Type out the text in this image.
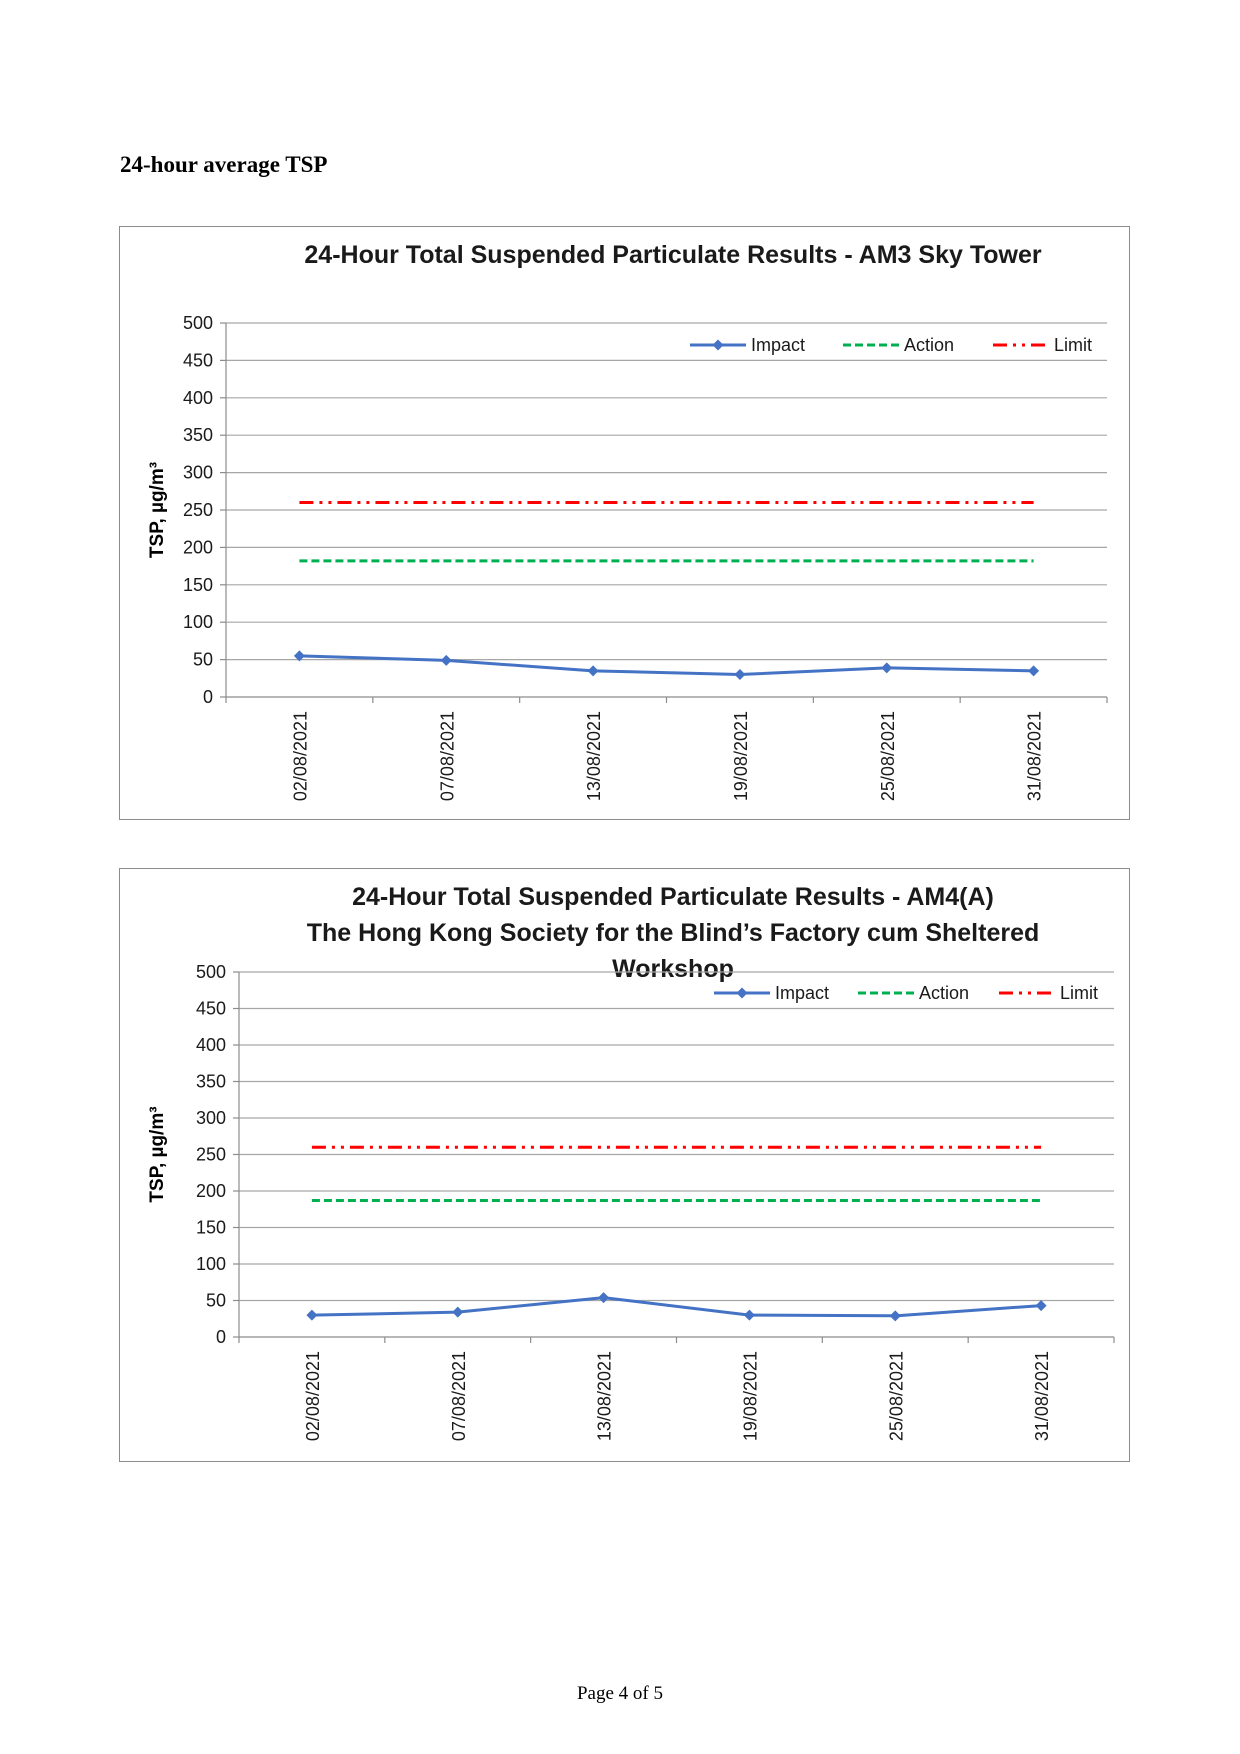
24-hour average TSP
24-Hour Total Suspended Particulate Results - AM3 Sky Tower
0
50
100
150
200
250
300
350
400
450
500
02/08/2021	07/08/2021	13/08/2021	19/08/2021	25/08/2021	31/08/2021
TSP, µg/m³
Impact	Action	Limit
24-Hour Total Suspended Particulate Results - AM4(A) The Hong Kong Society for the Blind’s Factory cum Sheltered Workshop
0
50
100
150
200
250
300
350
400
450
500
02/08/2021	07/08/2021	13/08/2021	19/08/2021	25/08/2021	31/08/2021
TSP, µg/m³
Impact	Action	Limit
Page 4 of 5
